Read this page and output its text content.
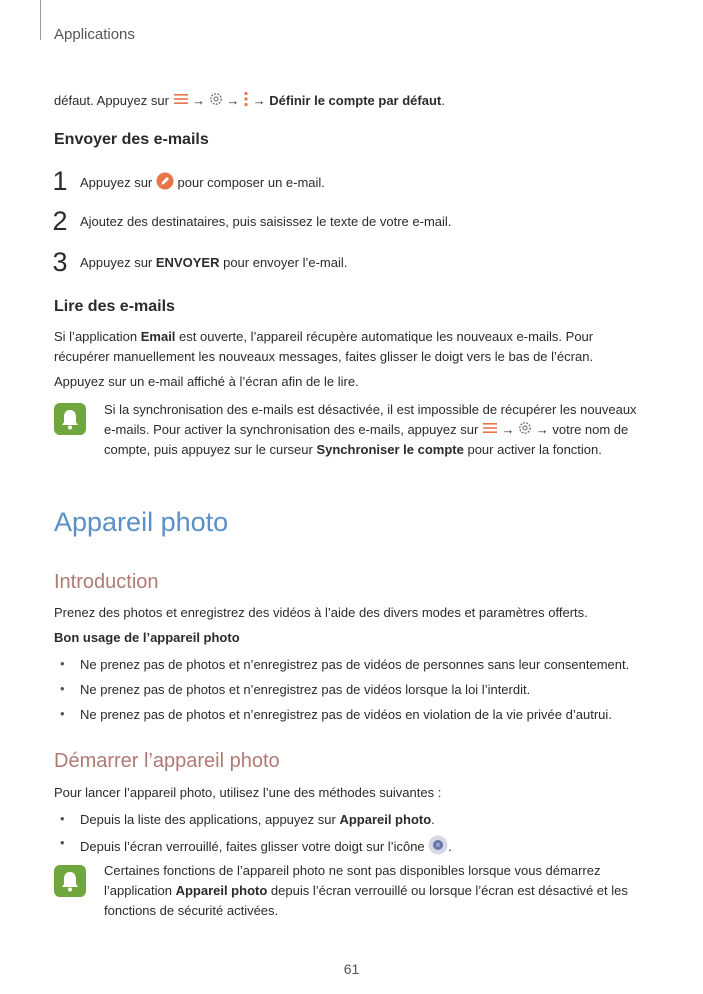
Applications
défaut. Appuyez sur → → → Définir le compte par défaut.
Envoyer des e-mails
1 Appuyez sur pour composer un e-mail.
2 Ajoutez des destinataires, puis saisissez le texte de votre e-mail.
3 Appuyez sur ENVOYER pour envoyer l’e-mail.
Lire des e-mails
Si l’application Email est ouverte, l’appareil récupère automatique les nouveaux e-mails. Pour
récupérer manuellement les nouveaux messages, faites glisser le doigt vers le bas de l’écran.
Appuyez sur un e-mail affiché à l’écran afin de le lire.
Si la synchronisation des e-mails est désactivée, il est impossible de récupérer les nouveaux
e-mails. Pour activer la synchronisation des e-mails, appuyez sur → → votre nom de
compte, puis appuyez sur le curseur Synchroniser le compte pour activer la fonction.
Appareil photo
Introduction
Prenez des photos et enregistrez des vidéos à l’aide des divers modes et paramètres offerts.
Bon usage de l’appareil photo
• Ne prenez pas de photos et n’enregistrez pas de vidéos de personnes sans leur consentement.
• Ne prenez pas de photos et n’enregistrez pas de vidéos lorsque la loi l’interdit.
• Ne prenez pas de photos et n’enregistrez pas de vidéos en violation de la vie privée d’autrui.
Démarrer l’appareil photo
Pour lancer l’appareil photo, utilisez l’une des méthodes suivantes :
• Depuis la liste des applications, appuyez sur Appareil photo.
• Depuis l’écran verrouillé, faites glisser votre doigt sur l’icône .
Certaines fonctions de l’appareil photo ne sont pas disponibles lorsque vous démarrez
l’application Appareil photo depuis l’écran verrouillé ou lorsque l’écran est désactivé et les
fonctions de sécurité activées.
61
